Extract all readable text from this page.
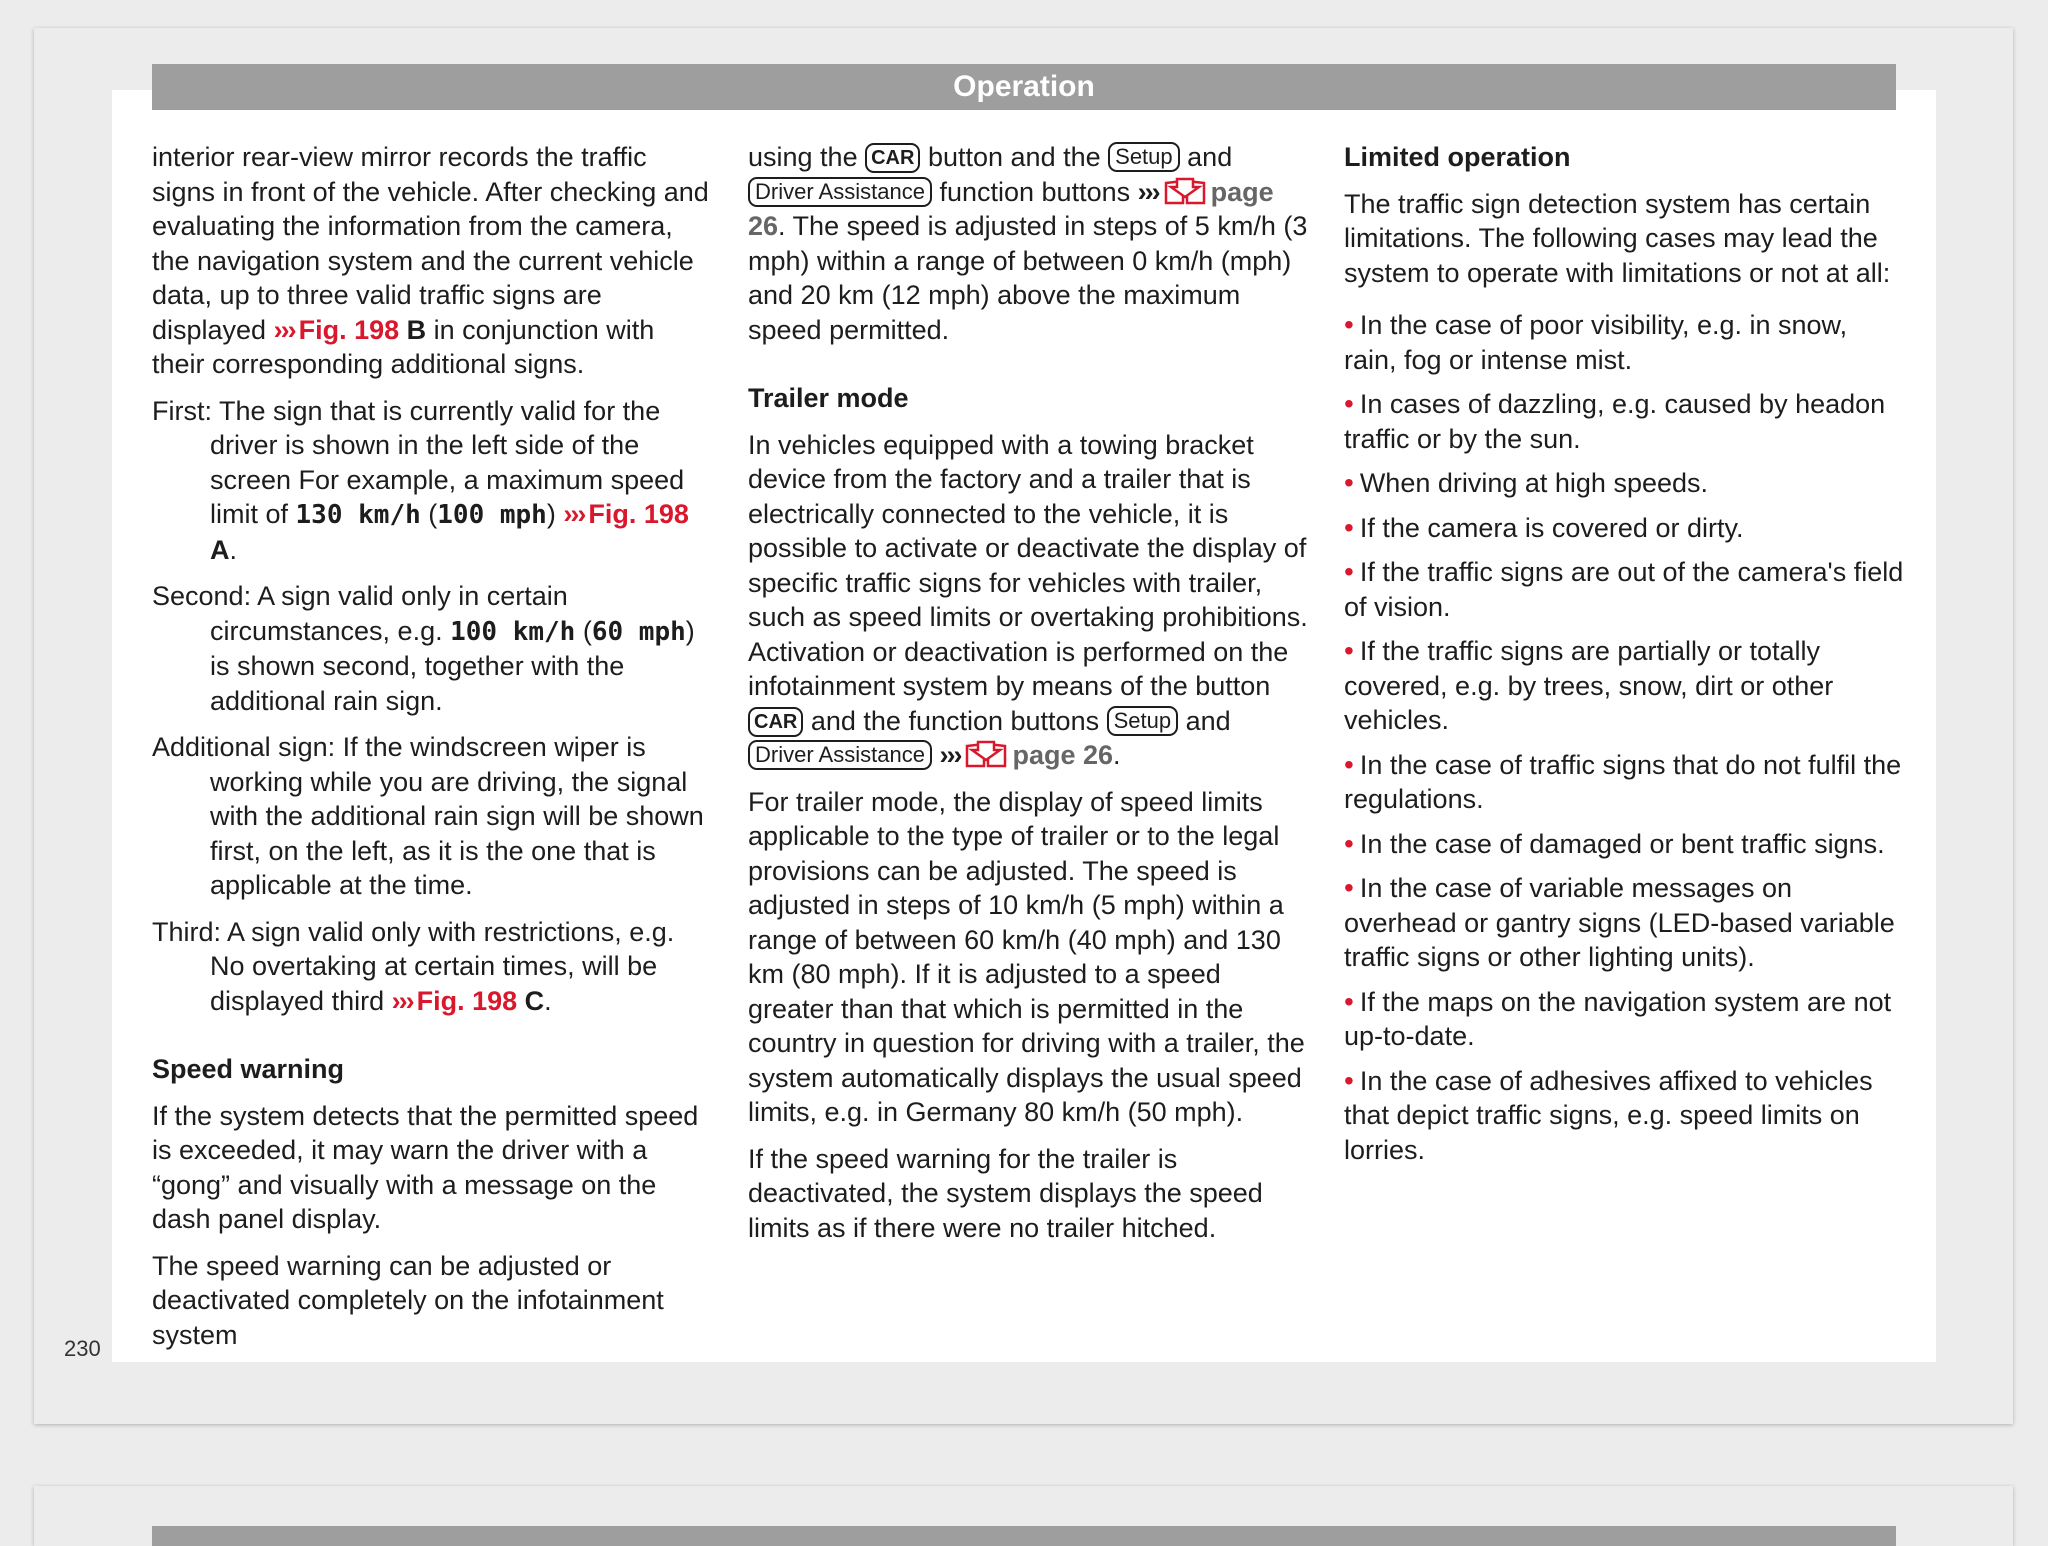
Operation

interior rear-view mirror records the traffic signs in front of the vehicle. After checking and evaluating the information from the camera, the navigation system and the current vehicle data, up to three valid traffic signs are displayed ››› Fig. 198 B in conjunction with their corresponding additional signs.

First: The sign that is currently valid for the driver is shown in the left side of the screen For example, a maximum speed limit of 130 km/h (100 mph) ››› Fig. 198 A.

Second: A sign valid only in certain circumstances, e.g. 100 km/h (60 mph) is shown second, together with the additional rain sign.

Additional sign: If the windscreen wiper is working while you are driving, the signal with the additional rain sign will be shown first, on the left, as it is the one that is applicable at the time.

Third: A sign valid only with restrictions, e.g. No overtaking at certain times, will be displayed third ››› Fig. 198 C.

Speed warning

If the system detects that the permitted speed is exceeded, it may warn the driver with a “gong” and visually with a message on the dash panel display.

The speed warning can be adjusted or deactivated completely on the infotainment system

using the CAR button and the Setup and Driver Assistance function buttons ››› page 26. The speed is adjusted in steps of 5 km/h (3 mph) within a range of between 0 km/h (mph) and 20 km (12 mph) above the maximum speed permitted.

Trailer mode

In vehicles equipped with a towing bracket device from the factory and a trailer that is electrically connected to the vehicle, it is possible to activate or deactivate the display of specific traffic signs for vehicles with trailer, such as speed limits or overtaking prohibitions. Activation or deactivation is performed on the infotainment system by means of the button CAR and the function buttons Setup and Driver Assistance ››› page 26.

For trailer mode, the display of speed limits applicable to the type of trailer or to the legal provisions can be adjusted. The speed is adjusted in steps of 10 km/h (5 mph) within a range of between 60 km/h (40 mph) and 130 km (80 mph). If it is adjusted to a speed greater than that which is permitted in the country in question for driving with a trailer, the system automatically displays the usual speed limits, e.g. in Germany 80 km/h (50 mph).

If the speed warning for the trailer is deactivated, the system displays the speed limits as if there were no trailer hitched.

Limited operation

The traffic sign detection system has certain limitations. The following cases may lead the system to operate with limitations or not at all:

• In the case of poor visibility, e.g. in snow, rain, fog or intense mist.
• In cases of dazzling, e.g. caused by headon traffic or by the sun.
• When driving at high speeds.
• If the camera is covered or dirty.
• If the traffic signs are out of the camera's field of vision.
• If the traffic signs are partially or totally covered, e.g. by trees, snow, dirt or other vehicles.
• In the case of traffic signs that do not fulfil the regulations.
• In the case of damaged or bent traffic signs.
• In the case of variable messages on overhead or gantry signs (LED-based variable traffic signs or other lighting units).
• If the maps on the navigation system are not up-to-date.
• In the case of adhesives affixed to vehicles that depict traffic signs, e.g. speed limits on lorries.
230
